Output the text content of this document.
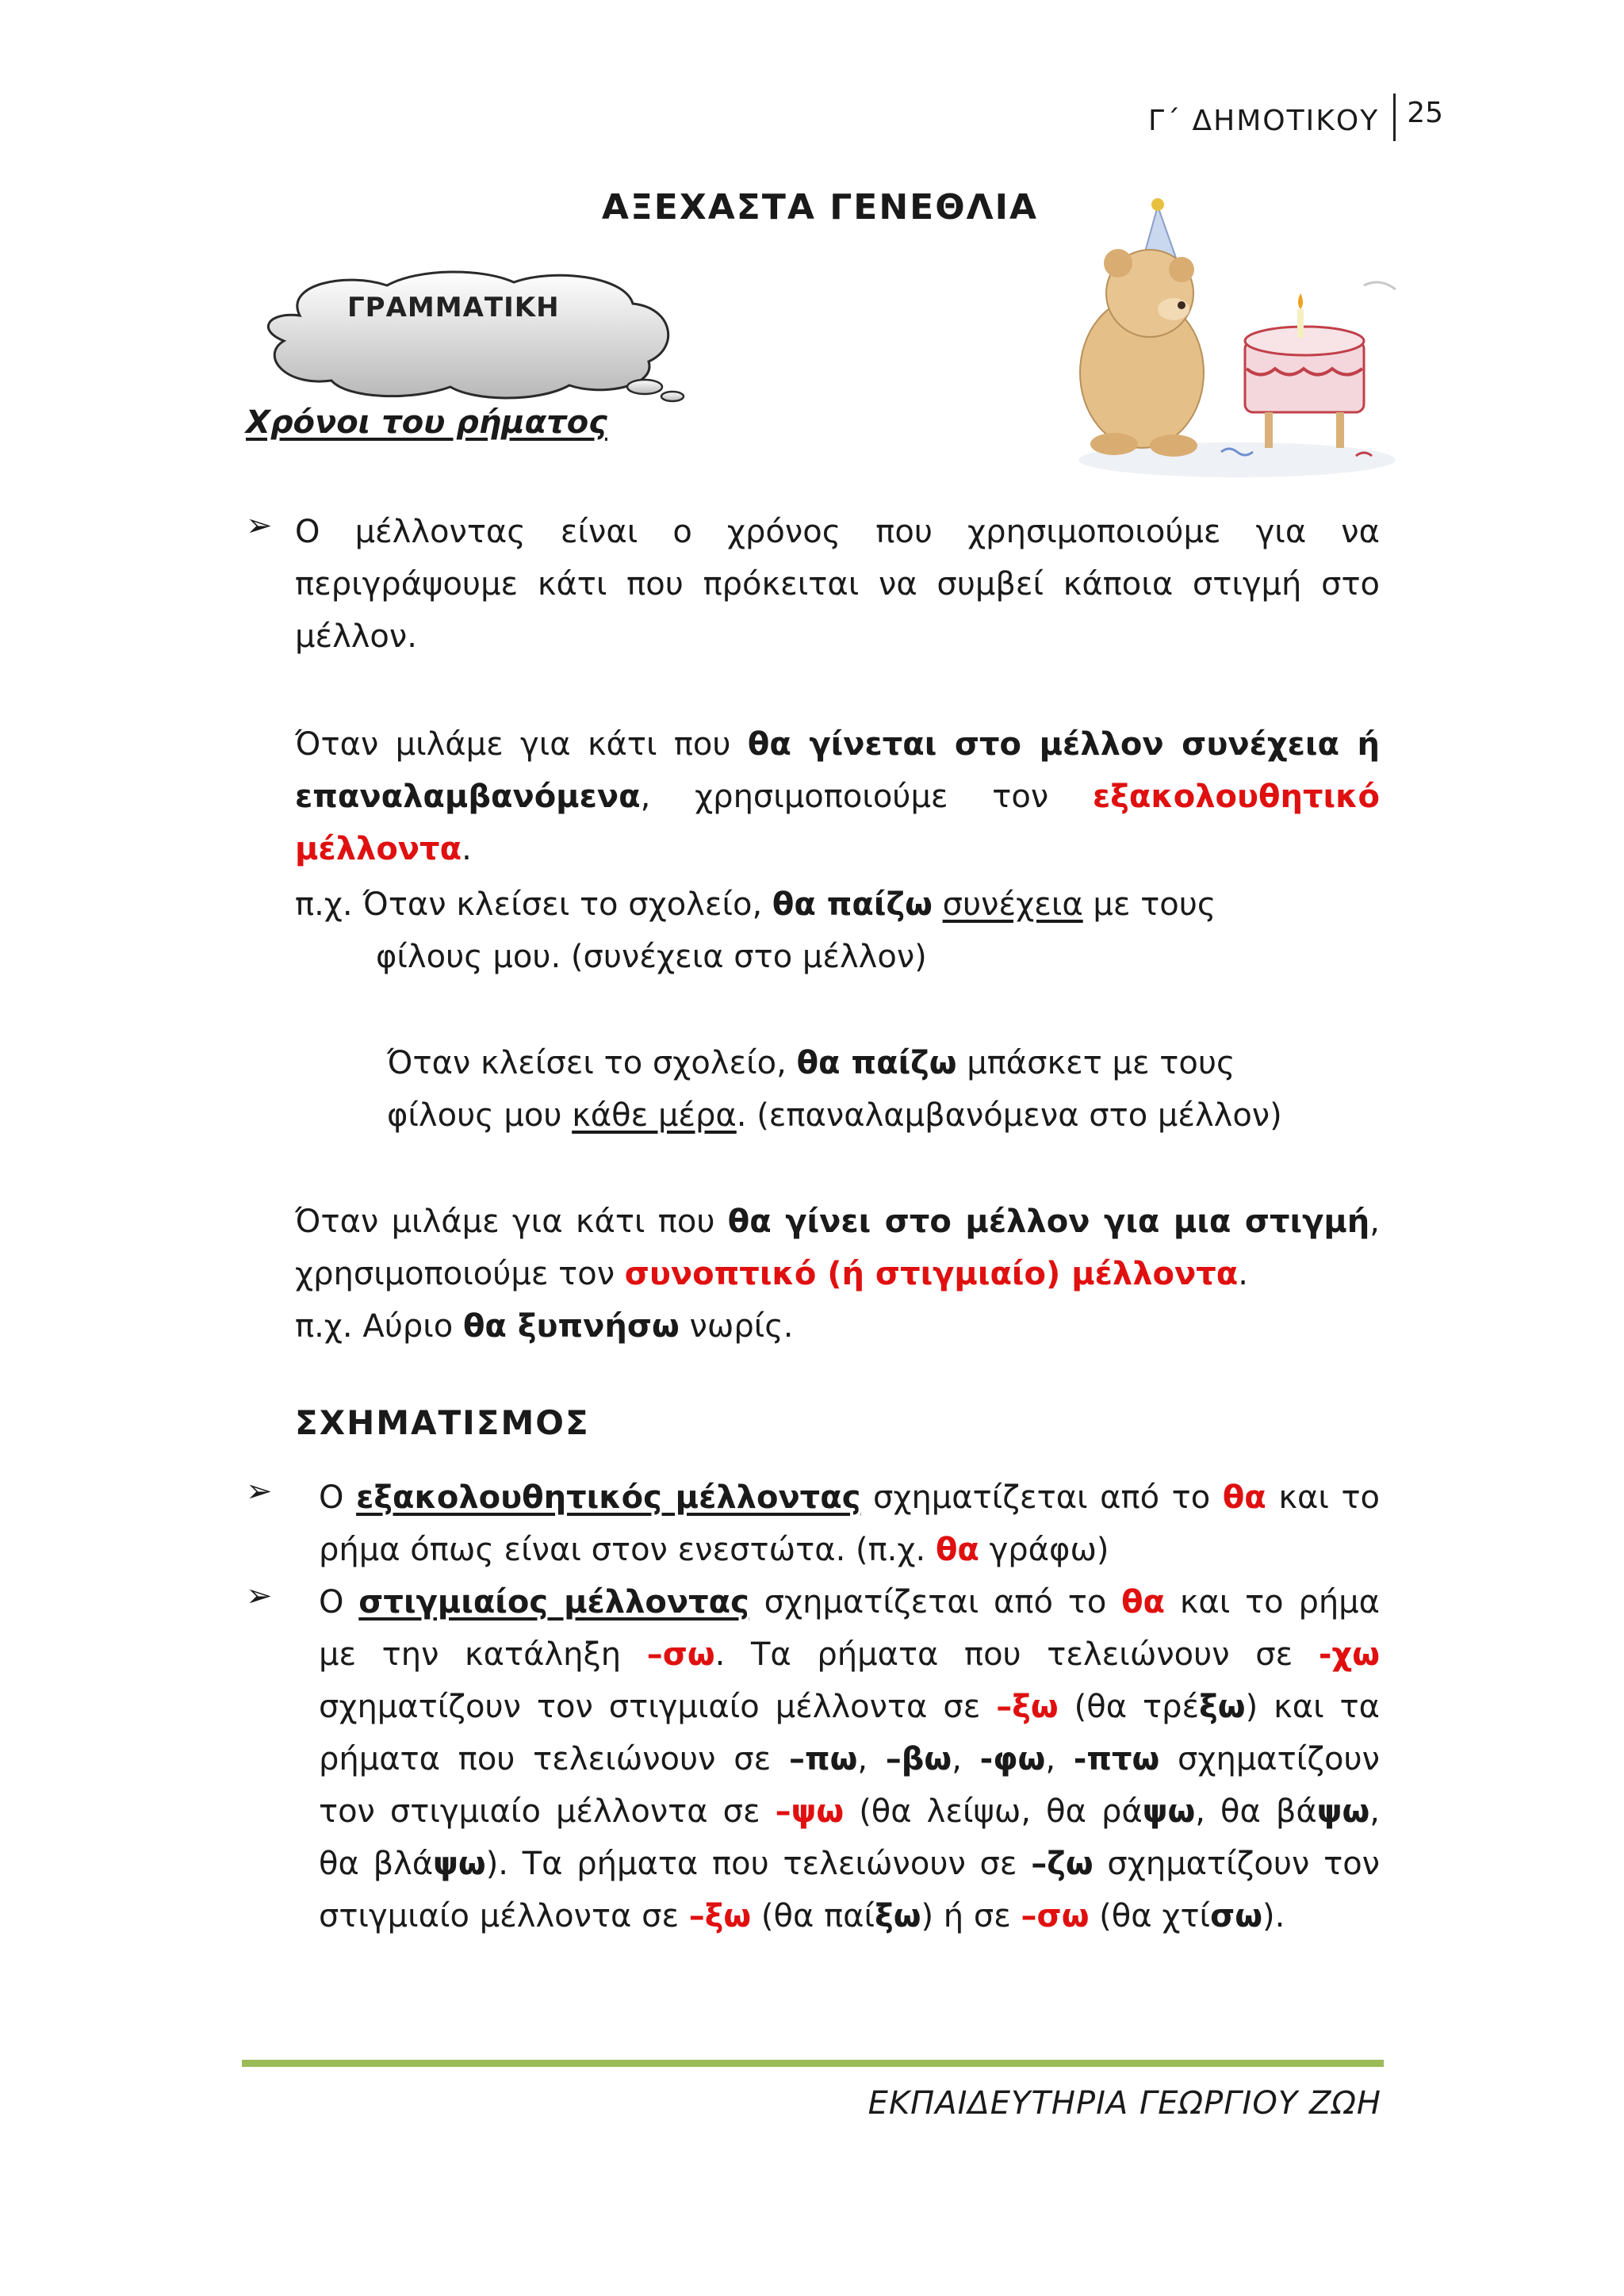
Γ΄ ΔΗΜΟΤΙΚΟΥ 25
ΑΞΕΧΑΣΤΑ ΓΕΝΕΘΛΙΑ
ΓΡΑΜΜΑΤΙΚΗ
Χρόνοι του ρήματος
➢ Ο μέλλοντας είναι ο χρόνος που χρησιμοποιούμε για να περιγράψουμε κάτι που πρόκειται να συμβεί κάποια στιγμή στο μέλλον.
Όταν μιλάμε για κάτι που θα γίνεται στο μέλλον συνέχεια ή επαναλαμβανόμενα, χρησιμοποιούμε τον εξακολουθητικό μέλλοντα.
π.χ. Όταν κλείσει το σχολείο, θα παίζω συνέχεια με τους
φίλους μου. (συνέχεια στο μέλλον)
Όταν κλείσει το σχολείο, θα παίζω μπάσκετ με τους
φίλους μου κάθε μέρα. (επαναλαμβανόμενα στο μέλλον)
Όταν μιλάμε για κάτι που θα γίνει στο μέλλον για μια στιγμή, χρησιμοποιούμε τον συνοπτικό (ή στιγμιαίο) μέλλοντα.
π.χ. Αύριο θα ξυπνήσω νωρίς.
ΣΧΗΜΑΤΙΣΜΟΣ
➢ Ο εξακολουθητικός μέλλοντας σχηματίζεται από το θα και το ρήμα όπως είναι στον ενεστώτα. (π.χ. θα γράφω)
➢ Ο στιγμιαίος μέλλοντας σχηματίζεται από το θα και το ρήμα με την κατάληξη –σω. Τα ρήματα που τελειώνουν σε -χω σχηματίζουν τον στιγμιαίο μέλλοντα σε –ξω (θα τρέξω) και τα ρήματα που τελειώνουν σε –πω, –βω, -φω, -πτω σχηματίζουν τον στιγμιαίο μέλλοντα σε –ψω (θα λείψω, θα ράψω, θα βάψω, θα βλάψω). Τα ρήματα που τελειώνουν σε –ζω σχηματίζουν τον στιγμιαίο μέλλοντα σε –ξω (θα παίξω) ή σε –σω (θα χτίσω).
ΕΚΠΑΙΔΕΥΤΗΡΙΑ ΓΕΩΡΓΙΟΥ ΖΩΗ
